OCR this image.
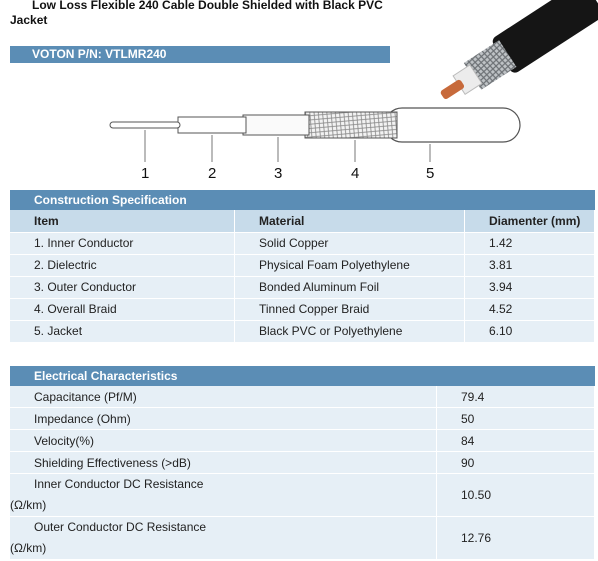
Low Loss Flexible 240 Cable Double Shielded with Black PVC
Jacket
VOTON P/N: VTLMR240
1	2	3	4	5
Construction Specification		
Item	Material	Diamenter (mm)
1. Inner Conductor	Solid Copper	1.42
2. Dielectric	Physical Foam Polyethylene	3.81
3. Outer Conductor	Bonded Aluminum Foil	3.94
4. Overall Braid	Tinned Copper Braid	4.52
5. Jacket	Black PVC or Polyethylene	6.10
Electrical Characteristics	
Capacitance (Pf/M)	79.4
Impedance (Ohm)	50
Velocity(%)	84
Shielding Effectiveness (>dB)	90

Inner Conductor DC Resistance
(Ω/km)	10.50

Outer Conductor DC Resistance
(Ω/km)	12.76
